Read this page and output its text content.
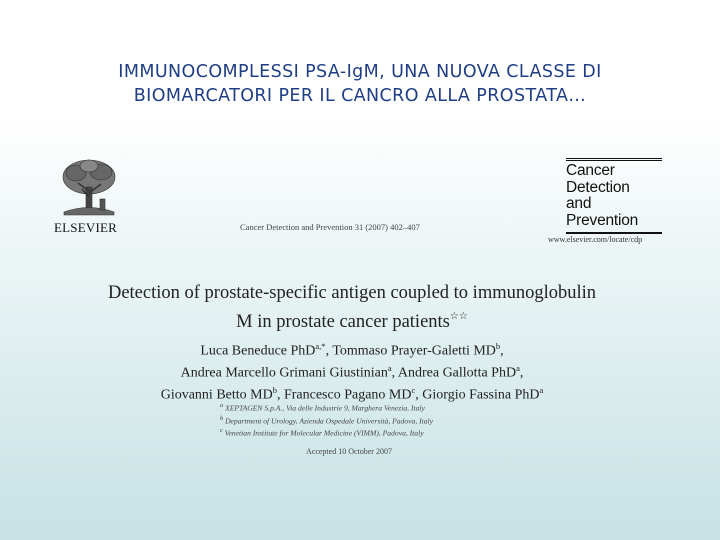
IMMUNOCOMPLESSI PSA-IgM, UNA NUOVA CLASSE DI
BIOMARCATORI PER IL CANCRO ALLA PROSTATA…
ELSEVIER	Cancer Detection and Prevention 31 (2007) 402–407
Cancer
Detection
and
Prevention
www.elsevier.com/locate/cdp
Detection of prostate-specific antigen coupled to immunoglobulin
M in prostate cancer patients☆☆
Luca Beneduce PhD$^{a,*}$, Tommaso Prayer-Galetti $MD^b$,
Andrea Marcello Grimani Giustinian$^a$, Andrea Gallotta PhD$^a$,
Giovanni Betto $MD^b$, Francesco Pagano $MD^c$, Giorgio Fassina PhD$^a$
$^a$ XEPTAGEN S.p.A., Via delle Industrie 9, Marghera Venezia, Italy
$^b$ Department of Urology, Azienda Ospedale Università, Padova, Italy
$^c$ Venetian Institute for Molecular Medicine (VIMM), Padova, Italy
Accepted 10 October 2007
